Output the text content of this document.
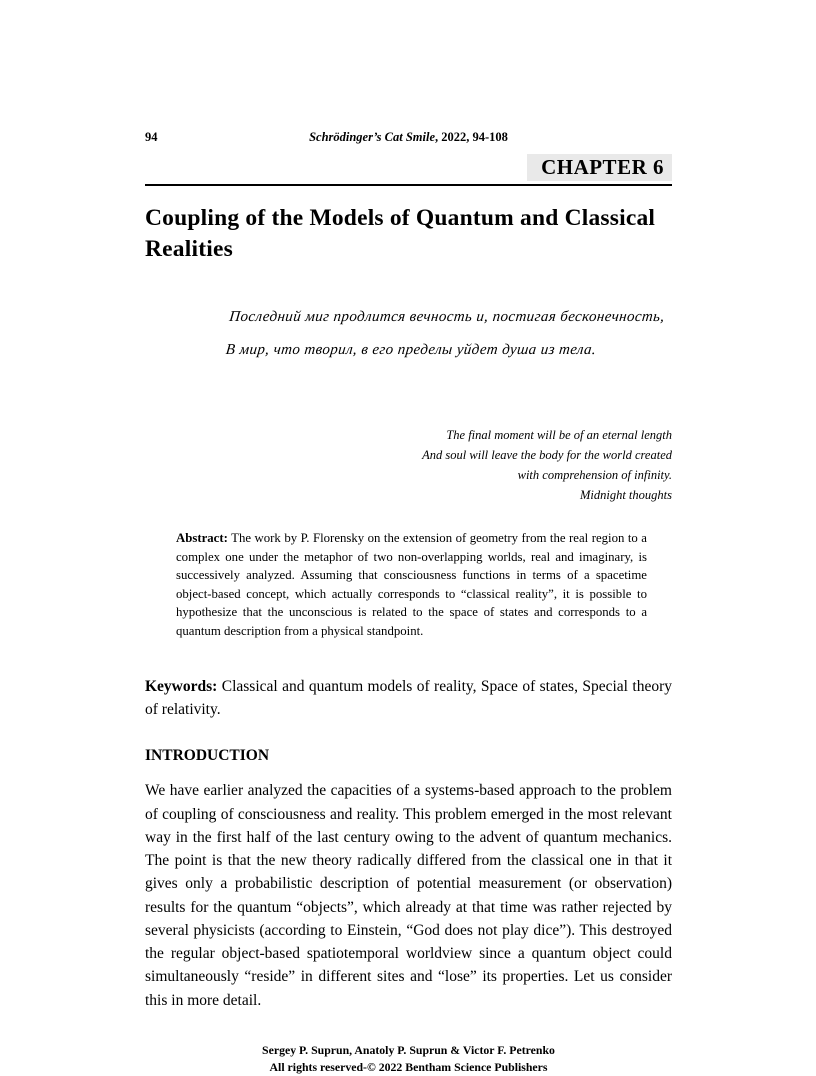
94	Schrödinger’s Cat Smile, 2022, 94-108
CHAPTER 6
Coupling of the Models of Quantum and Classical Realities
Последний миг продлится вечность и, постигая бесконечность,
В мир, что творил, в его пределы уйдет душа из тела.
The final moment will be of an eternal length
And soul will leave the body for the world created
with comprehension of infinity.
Midnight thoughts
Abstract: The work by P. Florensky on the extension of geometry from the real region to a complex one under the metaphor of two non-overlapping worlds, real and imaginary, is successively analyzed. Assuming that consciousness functions in terms of a spacetime object-based concept, which actually corresponds to “classical reality”, it is possible to hypothesize that the unconscious is related to the space of states and corresponds to a quantum description from a physical standpoint.
Keywords: Classical and quantum models of reality, Space of states, Special theory of relativity.
INTRODUCTION
We have earlier analyzed the capacities of a systems-based approach to the problem of coupling of consciousness and reality. This problem emerged in the most relevant way in the first half of the last century owing to the advent of quantum mechanics. The point is that the new theory radically differed from the classical one in that it gives only a probabilistic description of potential measurement (or observation) results for the quantum “objects”, which already at that time was rather rejected by several physicists (according to Einstein, “God does not play dice”). This destroyed the regular object-based spatiotemporal worldview since a quantum object could simultaneously “reside” in different sites and “lose” its properties. Let us consider this in more detail.
Sergey P. Suprun, Anatoly P. Suprun & Victor F. Petrenko
All rights reserved-© 2022 Bentham Science Publishers
